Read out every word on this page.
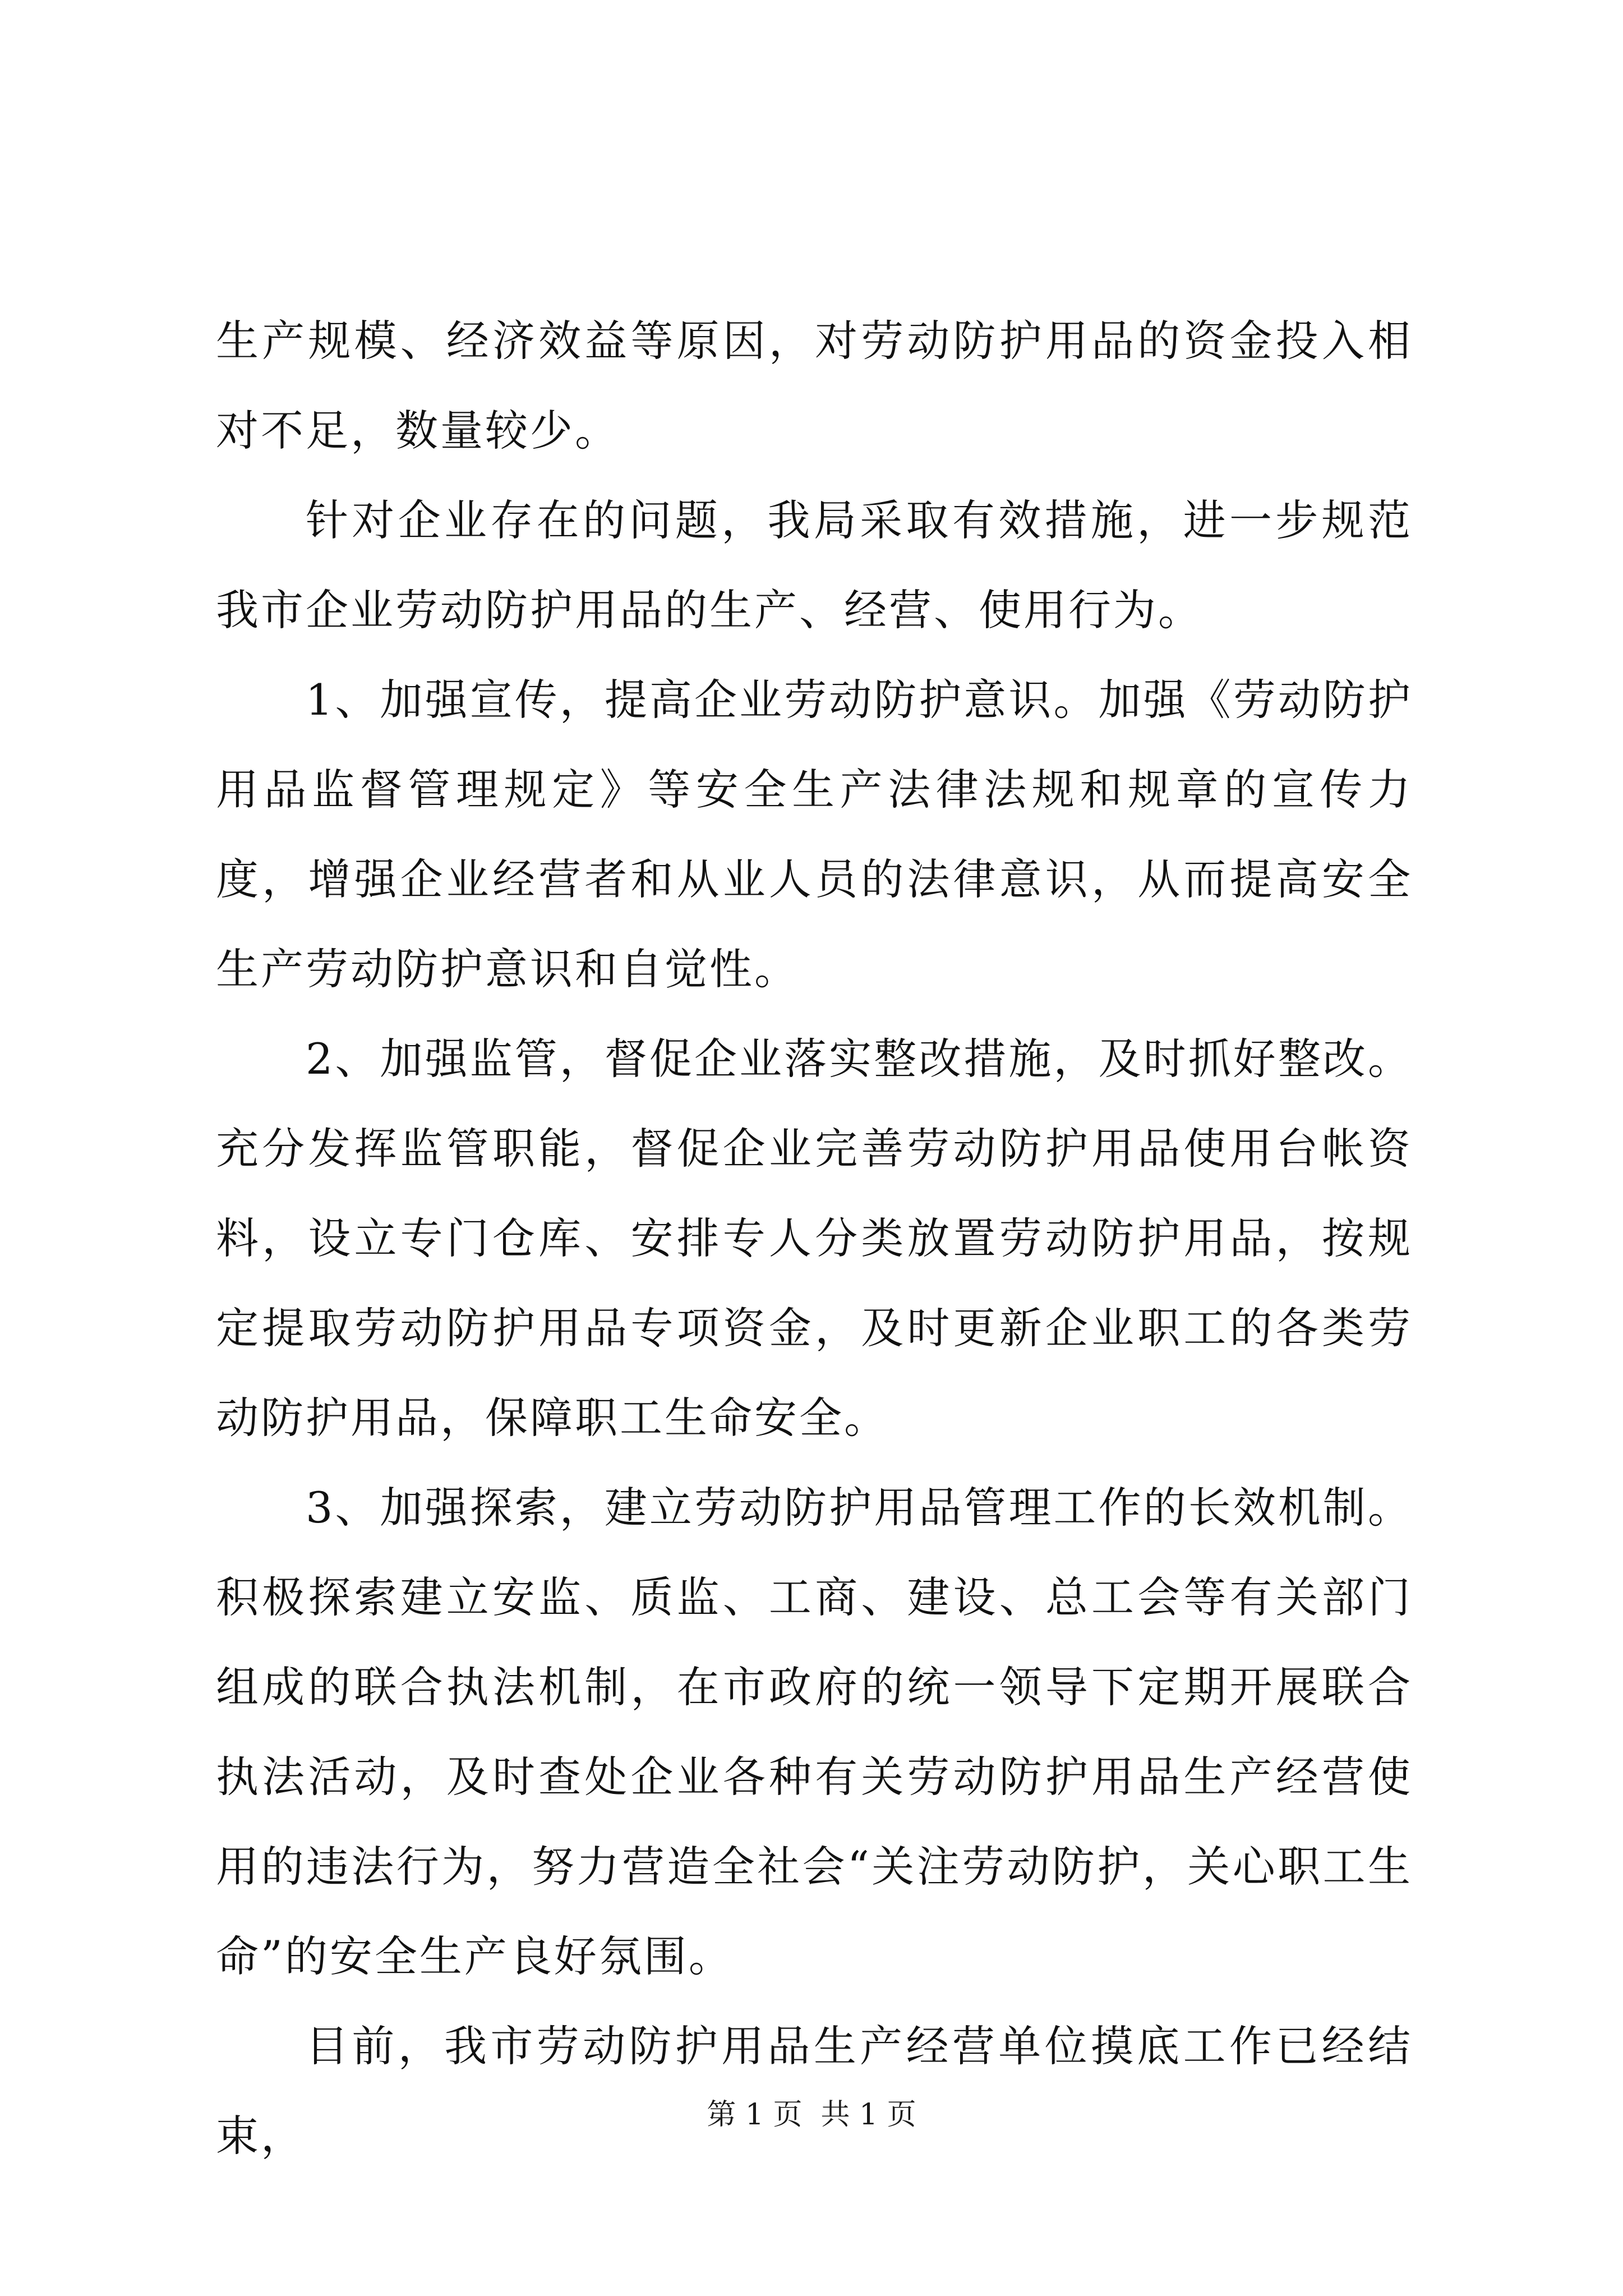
生产规模、经济效益等原因，对劳动防护用品的资金投入相对不足，数量较少。

针对企业存在的问题，我局采取有效措施，进一步规范我市企业劳动防护用品的生产、经营、使用行为。

1、加强宣传，提高企业劳动防护意识。加强《劳动防护用品监督管理规定》等安全生产法律法规和规章的宣传力度，增强企业经营者和从业人员的法律意识，从而提高安全生产劳动防护意识和自觉性。

2、加强监管，督促企业落实整改措施，及时抓好整改。充分发挥监管职能，督促企业完善劳动防护用品使用台帐资料，设立专门仓库、安排专人分类放置劳动防护用品，按规定提取劳动防护用品专项资金，及时更新企业职工的各类劳动防护用品，保障职工生命安全。

3、加强探索，建立劳动防护用品管理工作的长效机制。积极探索建立安监、质监、工商、建设、总工会等有关部门组成的联合执法机制，在市政府的统一领导下定期开展联合执法活动，及时查处企业各种有关劳动防护用品生产经营使用的违法行为，努力营造全社会“关注劳动防护，关心职工生命”的安全生产良好氛围。

目前，我市劳动防护用品生产经营单位摸底工作已经结束，	第 1 页  共 1 页
